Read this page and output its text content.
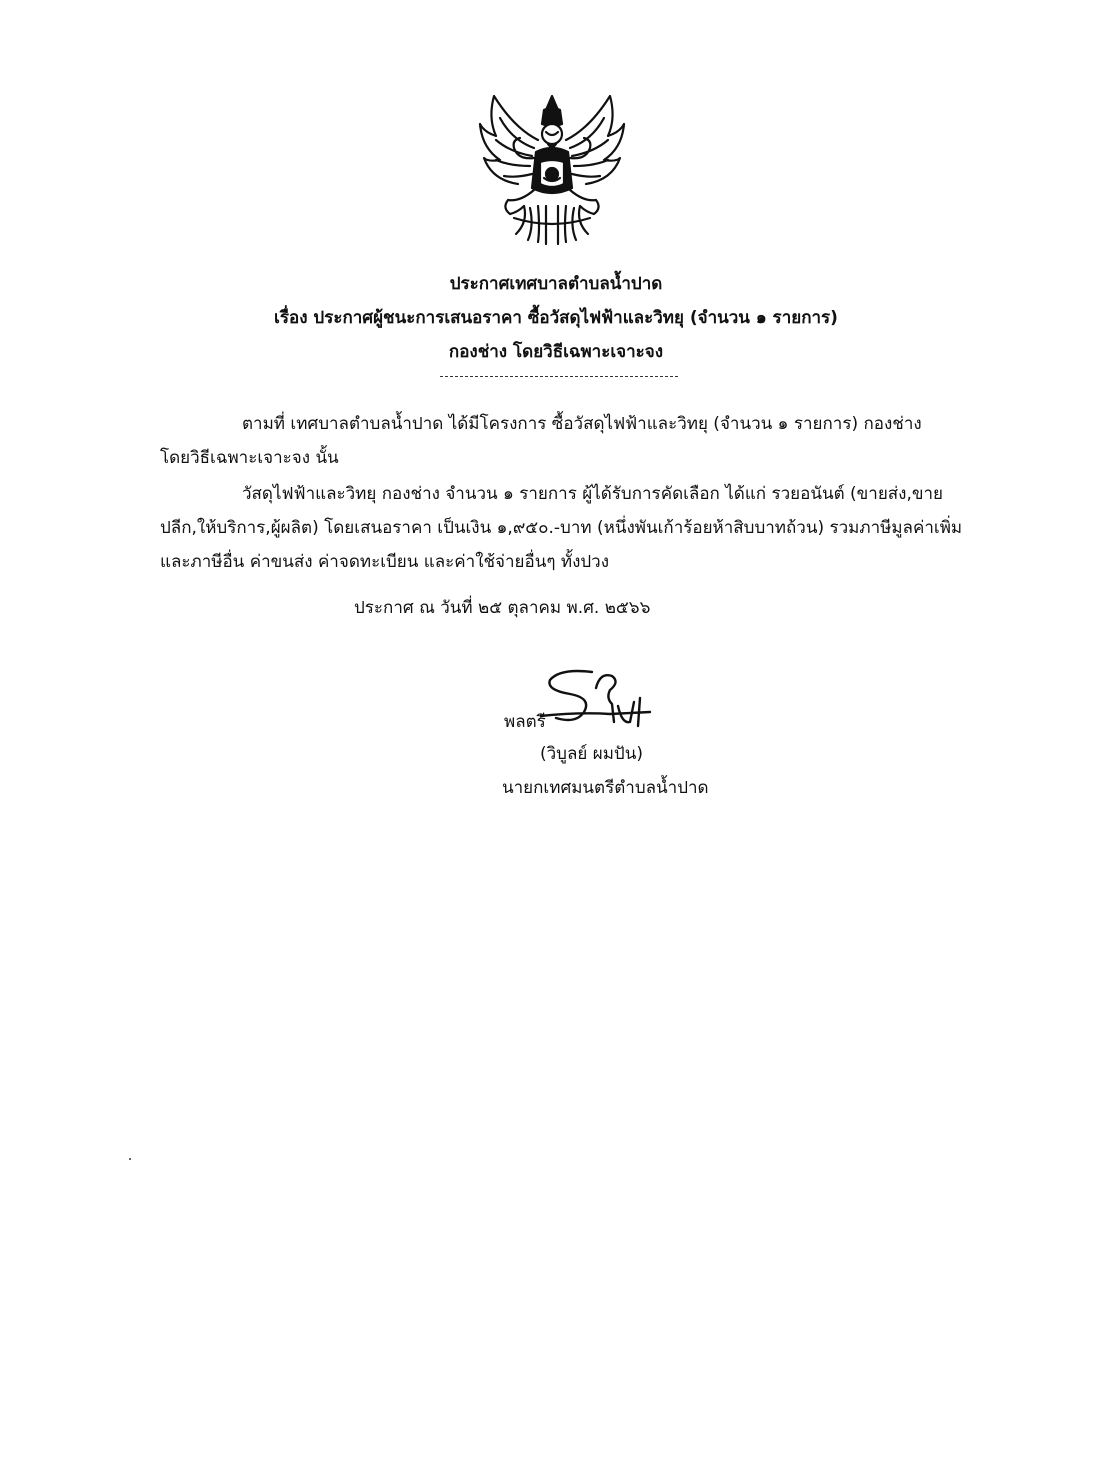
ประกาศเทศบาลตำบลน้ำปาด
เรื่อง ประกาศผู้ชนะการเสนอราคา ซื้อวัสดุไฟฟ้าและวิทยุ (จำนวน ๑ รายการ)
กองช่าง โดยวิธีเฉพาะเจาะจง
ตามที่ เทศบาลตำบลน้ำปาด ได้มีโครงการ ซื้อวัสดุไฟฟ้าและวิทยุ (จำนวน ๑ รายการ) กองช่าง
โดยวิธีเฉพาะเจาะจง นั้น
วัสดุไฟฟ้าและวิทยุ กองช่าง จำนวน ๑ รายการ ผู้ได้รับการคัดเลือก ได้แก่ รวยอนันต์ (ขายส่ง,ขาย
ปลีก,ให้บริการ,ผู้ผลิต) โดยเสนอราคา เป็นเงิน ๑,๙๕๐.-บาท (หนึ่งพันเก้าร้อยห้าสิบบาทถ้วน) รวมภาษีมูลค่าเพิ่ม
และภาษีอื่น ค่าขนส่ง ค่าจดทะเบียน และค่าใช้จ่ายอื่นๆ ทั้งปวง
ประกาศ ณ วันที่ ๒๕ ตุลาคม พ.ศ. ๒๕๖๖
พลตรี
(วิบูลย์ ผมปัน)
นายกเทศมนตรีตำบลน้ำปาด
